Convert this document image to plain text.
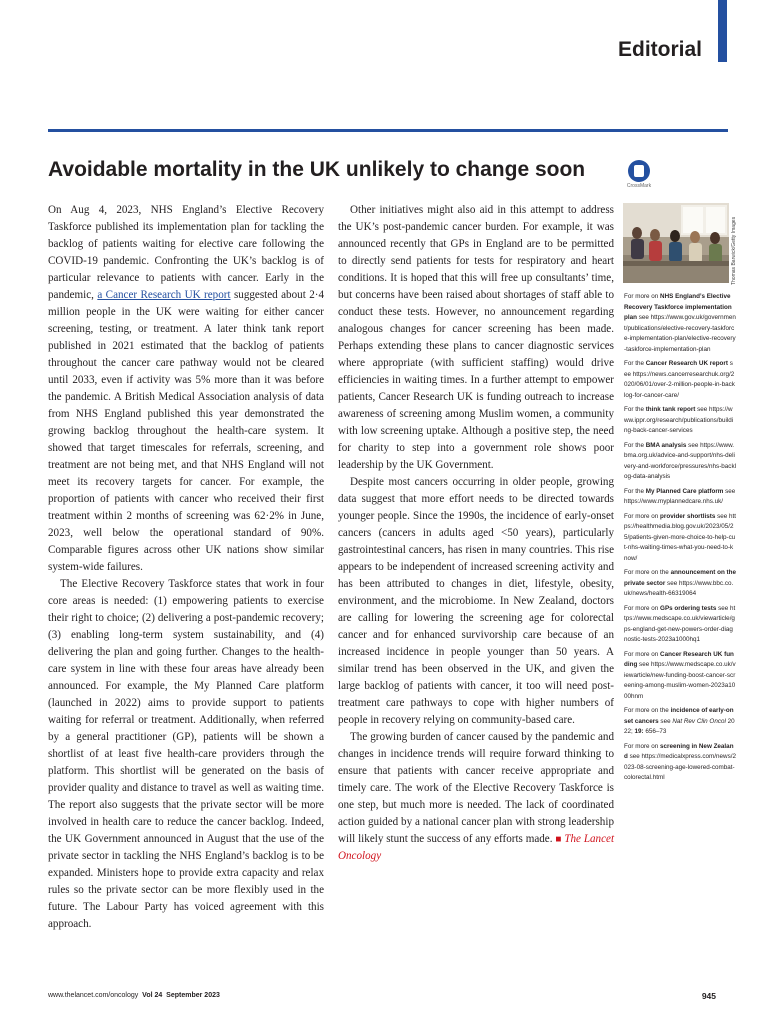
Editorial
Avoidable mortality in the UK unlikely to change soon
CrossMark

On Aug 4, 2023, NHS England’s Elective Recovery Taskforce published its implementation plan for tackling the backlog of patients waiting for elective care following the COVID-19 pandemic. Confronting the UK’s backlog is of particular relevance to patients with cancer. Early in the pandemic, a Cancer Research UK report suggested about 2·4 million people in the UK were waiting for either cancer screening, testing, or treatment. A later think tank report published in 2021 estimated that the backlog of patients throughout the cancer care pathway would not be cleared until 2033, even if activity was 5% more than it was before the pandemic. A British Medical Association analysis of data from NHS England published this year demonstrated the growing backlog throughout the health-care system. It showed that target timescales for referrals, screening, and treatment are not being met, and that NHS England will not meet its recovery targets for cancer. For example, the proportion of patients with cancer who received their first treatment within 2 months of screening was 62·2% in June, 2023, well below the operational standard of 90%. Comparable figures across other UK nations show similar system-wide failures.

The Elective Recovery Taskforce states that work in four core areas is needed: (1) empowering patients to exercise their right to choice; (2) delivering a post-pandemic recovery; (3) enabling long-term system sustainability, and (4) delivering the plan and going further. Changes to the health-care system in line with these four areas have already been announced. For example, the My Planned Care platform (launched in 2022) aims to provide support to patients waiting for referral or treatment. Additionally, when referred by a general practitioner (GP), patients will be shown a shortlist of at least five health-care providers through the platform. This shortlist will be generated on the basis of provider quality and distance to travel as well as waiting time. The report also suggests that the private sector will be more involved in health care to reduce the cancer backlog. Indeed, the UK Government announced in August that the use of the private sector in tackling the NHS England’s backlog is to be expanded. Ministers hope to provide extra capacity and relax rules so the private sector can be more flexibly used in the future. The Labour Party has voiced agreement with this approach.

Other initiatives might also aid in this attempt to address the UK’s post-pandemic cancer burden. For example, it was announced recently that GPs in England are to be permitted to directly send patients for tests for respiratory and heart conditions. It is hoped that this will free up consultants’ time, but concerns have been raised about shortages of staff able to conduct these tests. However, no announcement regarding analogous changes for cancer screening has been made. Perhaps extending these plans to cancer diagnostic services where appropriate (with sufficient staffing) would drive efficiencies in waiting times. In a further attempt to empower patients, Cancer Research UK is funding outreach to increase awareness of screening among Muslim women, a community with low screening uptake. Although a positive step, the need for charity to step into a government role shows poor leadership by the UK Government.

Despite most cancers occurring in older people, growing data suggest that more effort needs to be directed towards younger people. Since the 1990s, the incidence of early-onset cancers (cancers in adults aged <50 years), particularly gastrointestinal cancers, has risen in many countries. This rise appears to be independent of increased screening activity and has been attributed to changes in diet, lifestyle, obesity, environment, and the microbiome. In New Zealand, doctors are calling for lowering the screening age for colorectal cancer and for enhanced survivorship care because of an increased incidence in people younger than 50 years. A similar trend has been observed in the UK, and given the large backlog of patients with cancer, it too will need post-treatment care pathways to cope with higher numbers of people in recovery relying on community-based care.

The growing burden of cancer caused by the pandemic and changes in incidence trends will require forward thinking to ensure that patients with cancer receive appropriate and timely care. The work of the Elective Recovery Taskforce is one step, but much more is needed. The lack of coordinated action guided by a national cancer plan with strong leadership will likely stunt the success of any efforts made. ■ The Lancet Oncology

Thomas Barwick/Getty Images
For more on NHS England’s Elective Recovery Taskforce implementation plan see https://www.gov.uk/government/publications/elective-recovery-taskforce-implementation-plan/elective-recovery-taskforce-implementation-plan
For the Cancer Research UK report see https://news.cancerresearchuk.org/2020/06/01/over-2-million-people-in-backlog-for-cancer-care/
For the think tank report see https://www.ippr.org/research/publications/building-back-cancer-services
For the BMA analysis see https://www.bma.org.uk/advice-and-support/nhs-delivery-and-workforce/pressures/nhs-backlog-data-analysis
For the My Planned Care platform see https://www.myplannedcare.nhs.uk/
For more on provider shortlists see https://healthmedia.blog.gov.uk/2023/05/25/patients-given-more-choice-to-help-cut-nhs-waiting-times-what-you-need-to-know/
For more on the announcement on the private sector see https://www.bbc.co.uk/news/health-66319064
For more on GPs ordering tests see https://www.medscape.co.uk/viewarticle/gps-england-get-new-powers-order-diagnostic-tests-2023a1000hq1
For more on Cancer Research UK funding see https://www.medscape.co.uk/viewarticle/new-funding-boost-cancer-screening-among-muslim-women-2023a1000hnm
For more on the incidence of early-onset cancers see Nat Rev Clin Oncol 2022; 19: 656–73
For more on screening in New Zealand see https://medicalxpress.com/news/2023-08-screening-age-lowered-combat-colorectal.html
www.thelancet.com/oncology Vol 24 September 2023	945
